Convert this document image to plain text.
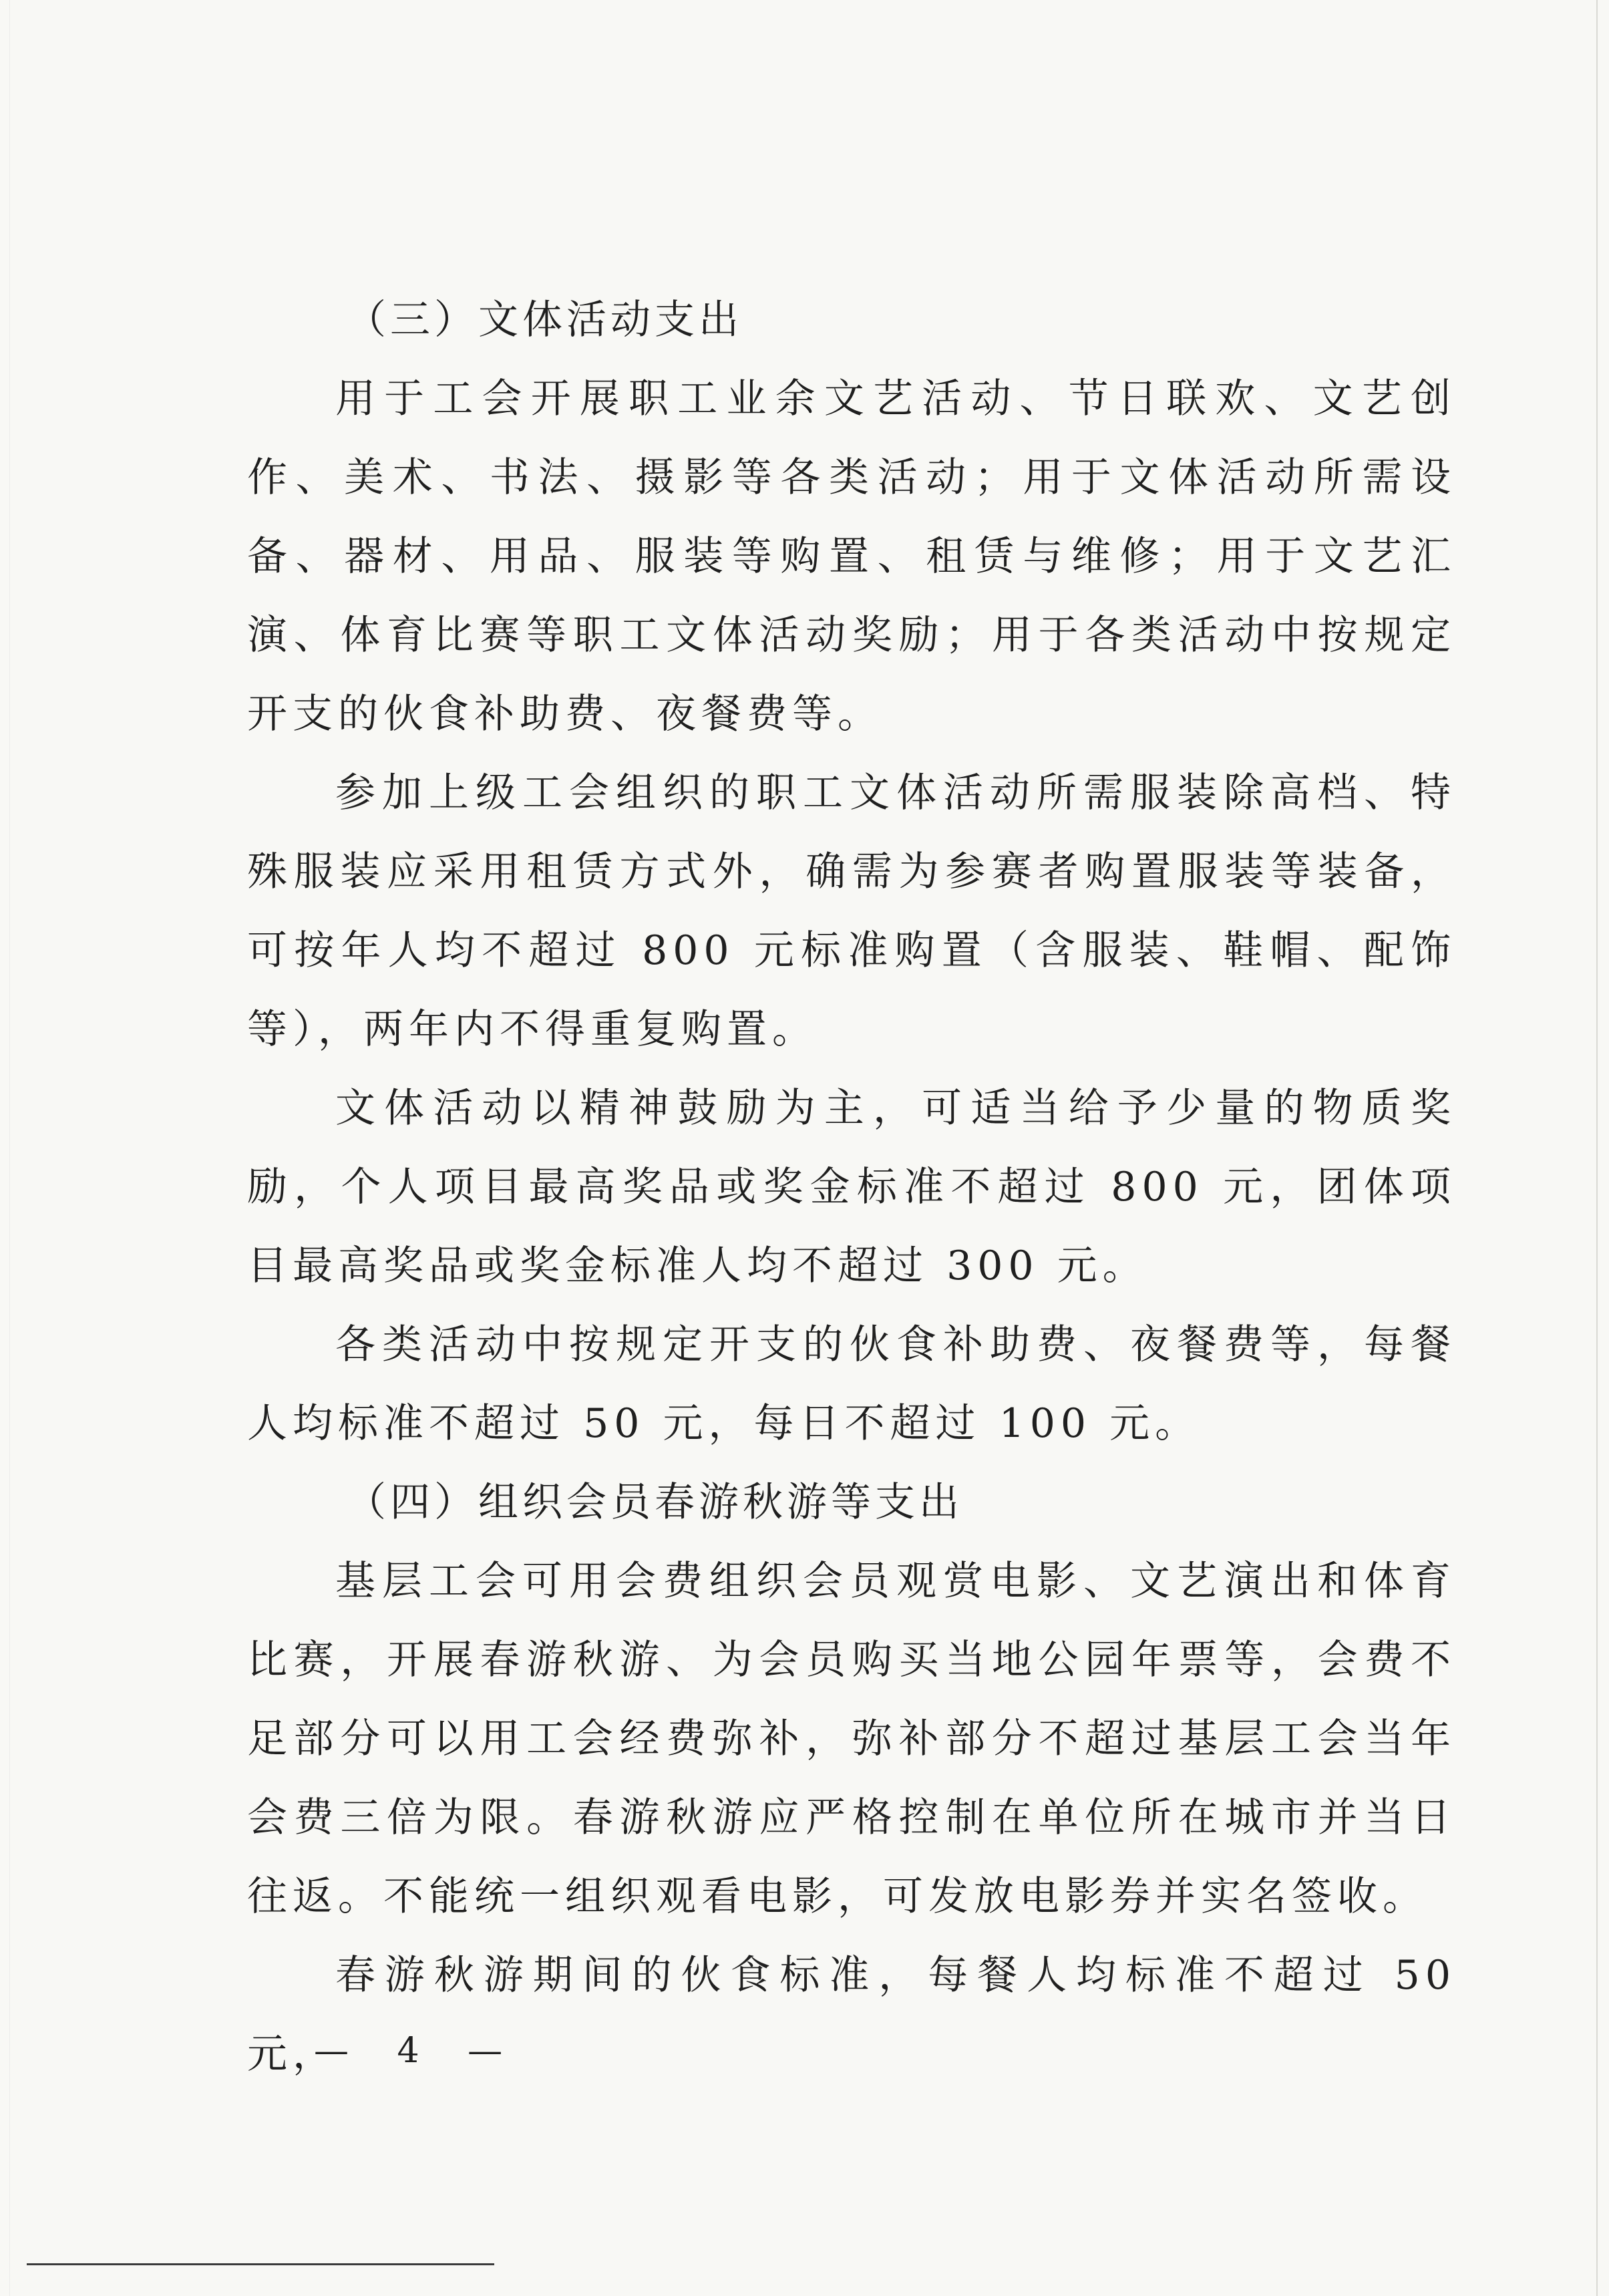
（三）文体活动支出

用于工会开展职工业余文艺活动、节日联欢、文艺创作、美术、书法、摄影等各类活动；用于文体活动所需设备、器材、用品、服装等购置、租赁与维修；用于文艺汇演、体育比赛等职工文体活动奖励；用于各类活动中按规定开支的伙食补助费、夜餐费等。

参加上级工会组织的职工文体活动所需服装除高档、特殊服装应采用租赁方式外，确需为参赛者购置服装等装备，可按年人均不超过 800 元标准购置（含服装、鞋帽、配饰等），两年内不得重复购置。

文体活动以精神鼓励为主，可适当给予少量的物质奖励，个人项目最高奖品或奖金标准不超过 800 元，团体项目最高奖品或奖金标准人均不超过 300 元。

各类活动中按规定开支的伙食补助费、夜餐费等，每餐人均标准不超过 50 元，每日不超过 100 元。

（四）组织会员春游秋游等支出

基层工会可用会费组织会员观赏电影、文艺演出和体育比赛，开展春游秋游、为会员购买当地公园年票等，会费不足部分可以用工会经费弥补，弥补部分不超过基层工会当年会费三倍为限。春游秋游应严格控制在单位所在城市并当日往返。不能统一组织观看电影，可发放电影券并实名签收。

春游秋游期间的伙食标准，每餐人均标准不超过 50 元，

— 4 —
